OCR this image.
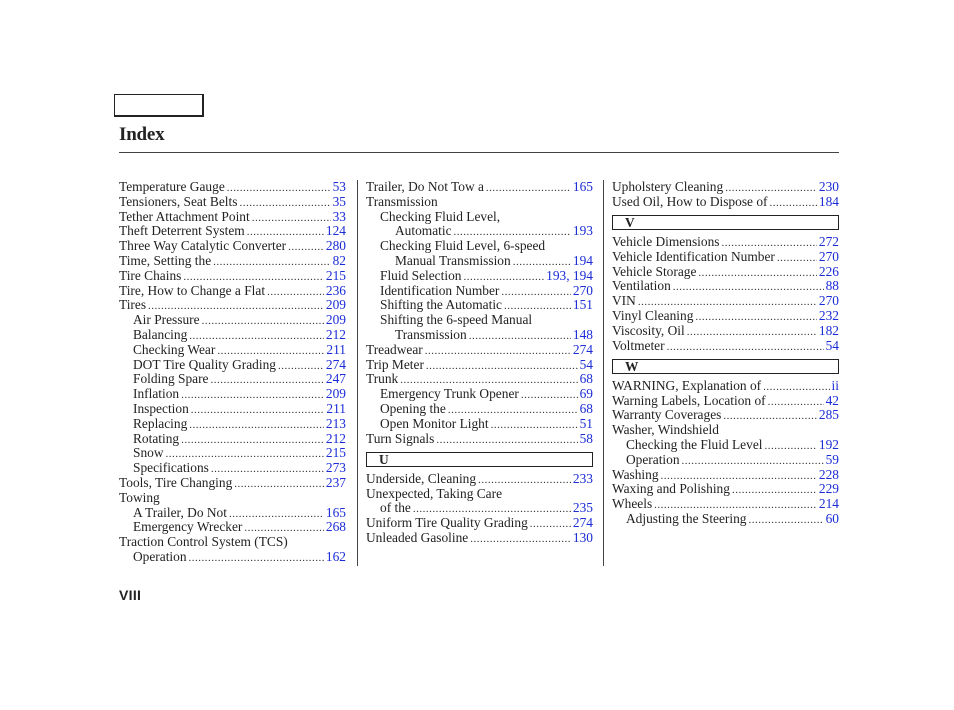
Index
Temperature Gauge .....	53
Tensioners, Seat Belts .....	35
Tether Attachment Point .....	33
Theft Deterrent System .....	124
Three Way Catalytic Converter .....	280
Time, Setting the .....	82
Tire Chains .....	215
Tire, How to Change a Flat .....	236
Tires .....	209
Air Pressure .....	209
Balancing .....	212
Checking Wear .....	211
DOT Tire Quality Grading .....	274
Folding Spare .....	247
Inflation .....	209
Inspection .....	211
Replacing .....	213
Rotating .....	212
Snow .....	215
Specifications .....	273
Tools, Tire Changing .....	237
Towing
A Trailer, Do Not .....	165
Emergency Wrecker .....	268
Traction Control System (TCS)
Operation .....	162
Trailer, Do Not Tow a .....	165
Transmission
Checking Fluid Level,
Automatic .....	193
Checking Fluid Level, 6-speed
Manual Transmission .....	194
Fluid Selection .....	193, 194
Identification Number .....	270
Shifting the Automatic .....	151
Shifting the 6-speed Manual
Transmission .....	148
Treadwear .....	274
Trip Meter .....	54
Trunk .....	68
Emergency Trunk Opener .....	69
Opening the .....	68
Open Monitor Light .....	51
Turn Signals .....	58
U
Underside, Cleaning .....	233
Unexpected, Taking Care
of the .....	235
Uniform Tire Quality Grading .....	274
Unleaded Gasoline .....	130
Upholstery Cleaning .....	230
Used Oil, How to Dispose of .....	184
V
Vehicle Dimensions .....	272
Vehicle Identification Number .....	270
Vehicle Storage .....	226
Ventilation .....	88
VIN .....	270
Vinyl Cleaning .....	232
Viscosity, Oil .....	182
Voltmeter .....	54
W
WARNING, Explanation of .....	ii
Warning Labels, Location of .....	42
Warranty Coverages .....	285
Washer, Windshield
Checking the Fluid Level .....	192
Operation .....	59
Washing .....	228
Waxing and Polishing .....	229
Wheels .....	214
Adjusting the Steering .....	60
VIII
